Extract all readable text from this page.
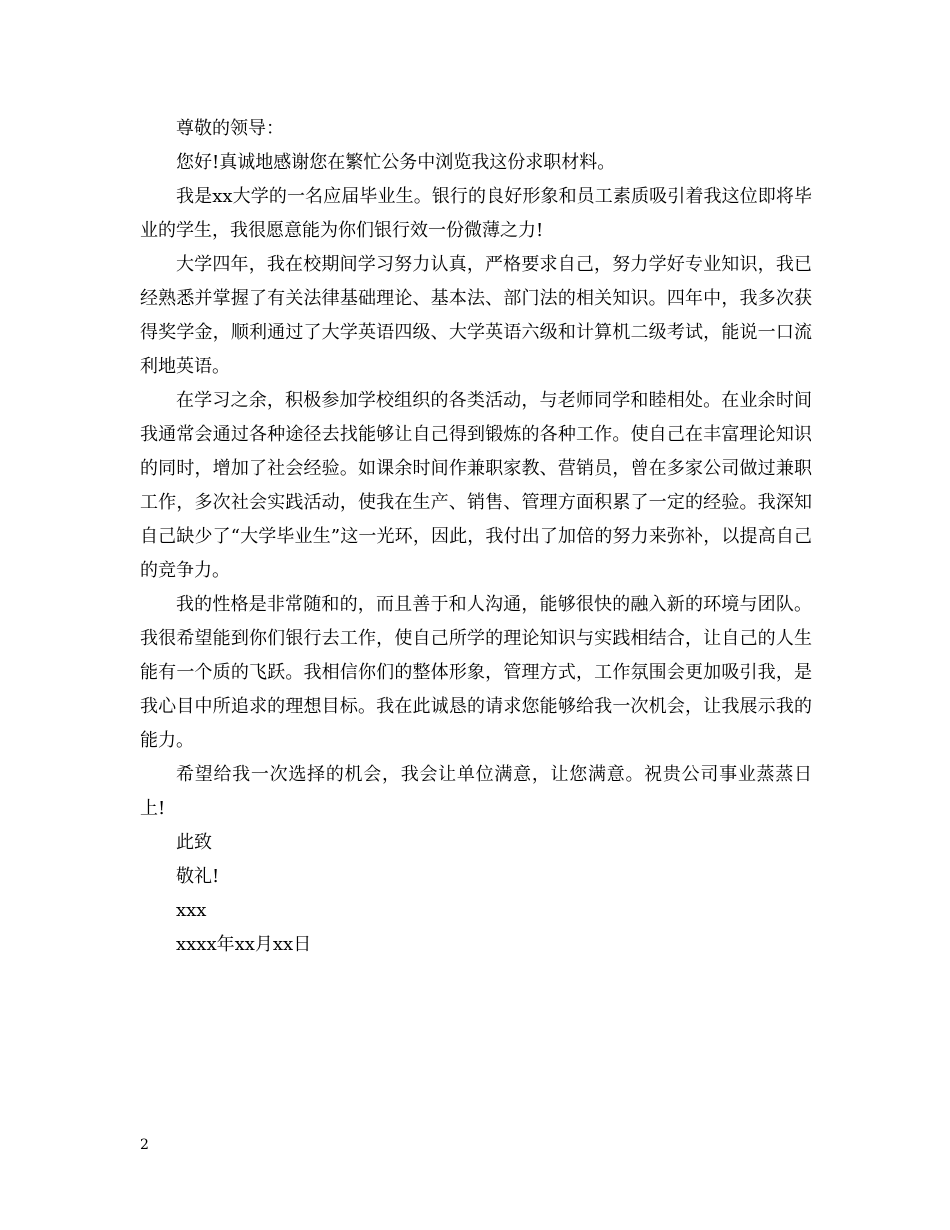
尊敬的领导：

您好!真诚地感谢您在繁忙公务中浏览我这份求职材料。

我是xx大学的一名应届毕业生。银行的良好形象和员工素质吸引着我这位即将毕业的学生，我很愿意能为你们银行效一份微薄之力!

大学四年，我在校期间学习努力认真，严格要求自己，努力学好专业知识，我已经熟悉并掌握了有关法律基础理论、基本法、部门法的相关知识。四年中，我多次获得奖学金，顺利通过了大学英语四级、大学英语六级和计算机二级考试，能说一口流利地英语。

在学习之余，积极参加学校组织的各类活动，与老师同学和睦相处。在业余时间我通常会通过各种途径去找能够让自己得到锻炼的各种工作。使自己在丰富理论知识的同时，增加了社会经验。如课余时间作兼职家教、营销员，曾在多家公司做过兼职工作，多次社会实践活动，使我在生产、销售、管理方面积累了一定的经验。我深知自己缺少了“大学毕业生”这一光环，因此，我付出了加倍的努力来弥补，以提高自己的竞争力。

我的性格是非常随和的，而且善于和人沟通，能够很快的融入新的环境与团队。我很希望能到你们银行去工作，使自己所学的理论知识与实践相结合，让自己的人生能有一个质的飞跃。我相信你们的整体形象，管理方式，工作氛围会更加吸引我，是我心目中所追求的理想目标。我在此诚恳的请求您能够给我一次机会，让我展示我的能力。

希望给我一次选择的机会，我会让单位满意，让您满意。祝贵公司事业蒸蒸日上!

此致

敬礼!

xxx

xxxx年xx月xx日

2
